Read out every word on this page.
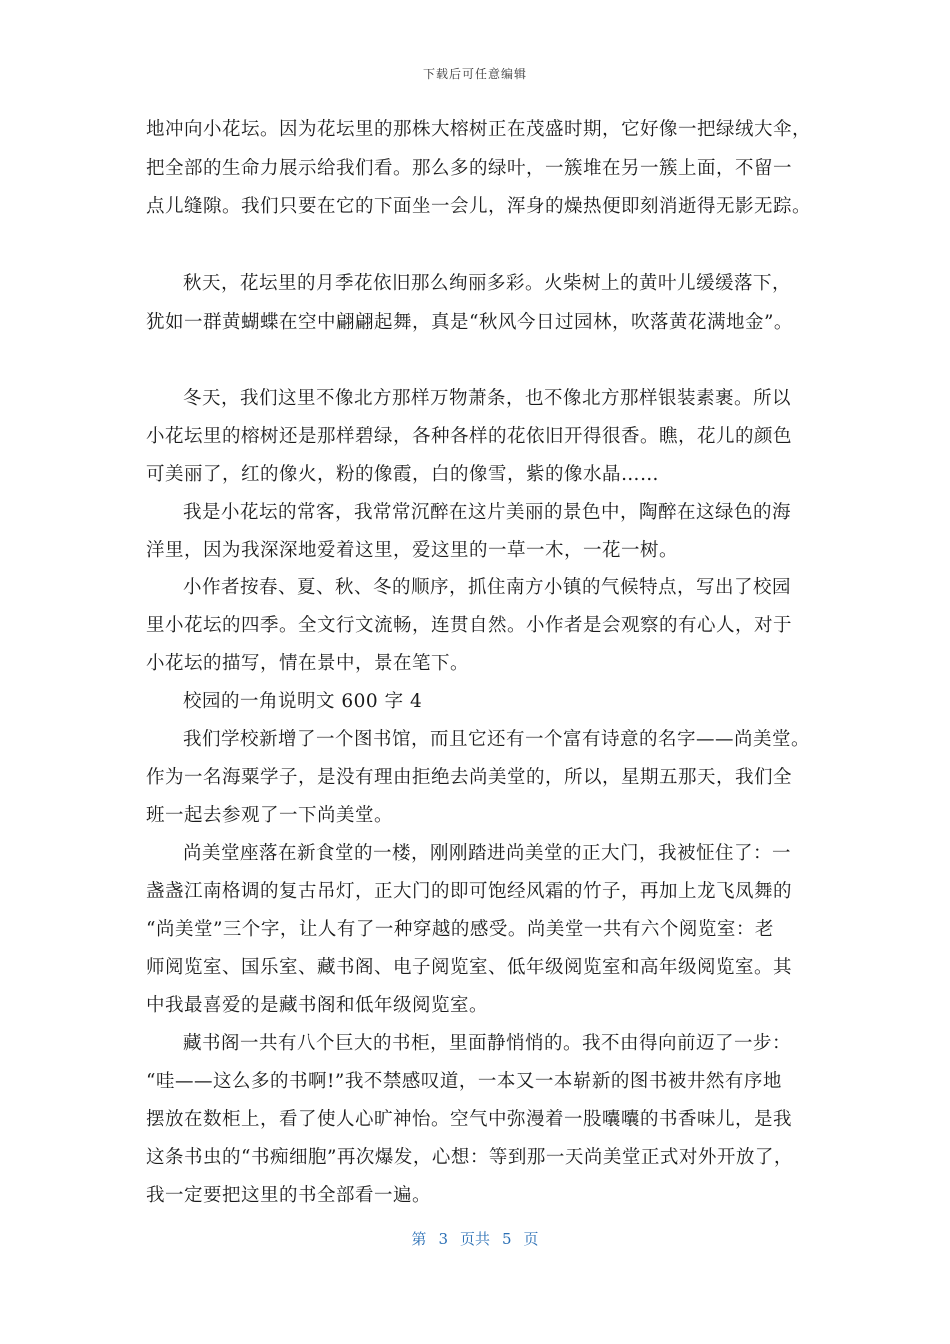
下载后可任意编辑
地冲向小花坛。因为花坛里的那株大榕树正在茂盛时期，它好像一把绿绒大伞，
把全部的生命力展示给我们看。那么多的绿叶，一簇堆在另一簇上面，不留一
点儿缝隙。我们只要在它的下面坐一会儿，浑身的燥热便即刻消逝得无影无踪。
秋天，花坛里的月季花依旧那么绚丽多彩。火柴树上的黄叶儿缓缓落下，
犹如一群黄蝴蝶在空中翩翩起舞，真是“秋风今日过园林，吹落黄花满地金”。
冬天，我们这里不像北方那样万物萧条，也不像北方那样银装素裹。所以
小花坛里的榕树还是那样碧绿，各种各样的花依旧开得很香。瞧，花儿的颜色
可美丽了，红的像火，粉的像霞，白的像雪，紫的像水晶……
我是小花坛的常客，我常常沉醉在这片美丽的景色中，陶醉在这绿色的海
洋里，因为我深深地爱着这里，爱这里的一草一木，一花一树。
小作者按春、夏、秋、冬的顺序，抓住南方小镇的气候特点，写出了校园
里小花坛的四季。全文行文流畅，连贯自然。小作者是会观察的有心人，对于
小花坛的描写，情在景中，景在笔下。
校园的一角说明文 600 字 4
我们学校新增了一个图书馆，而且它还有一个富有诗意的名字——尚美堂。
作为一名海粟学子，是没有理由拒绝去尚美堂的，所以，星期五那天，我们全
班一起去参观了一下尚美堂。
尚美堂座落在新食堂的一楼，刚刚踏进尚美堂的正大门，我被怔住了：一
盏盏江南格调的复古吊灯，正大门的即可饱经风霜的竹子，再加上龙飞凤舞的
“尚美堂”三个字，让人有了一种穿越的感受。尚美堂一共有六个阅览室：老
师阅览室、国乐室、藏书阁、电子阅览室、低年级阅览室和高年级阅览室。其
中我最喜爱的是藏书阁和低年级阅览室。
藏书阁一共有八个巨大的书柜，里面静悄悄的。我不由得向前迈了一步：
“哇——这么多的书啊!”我不禁感叹道，一本又一本崭新的图书被井然有序地
摆放在数柜上，看了使人心旷神怡。空气中弥漫着一股囔囔的书香味儿，是我
这条书虫的“书痴细胞”再次爆发，心想：等到那一天尚美堂正式对外开放了，
我一定要把这里的书全部看一遍。
第 3 页共 5 页
